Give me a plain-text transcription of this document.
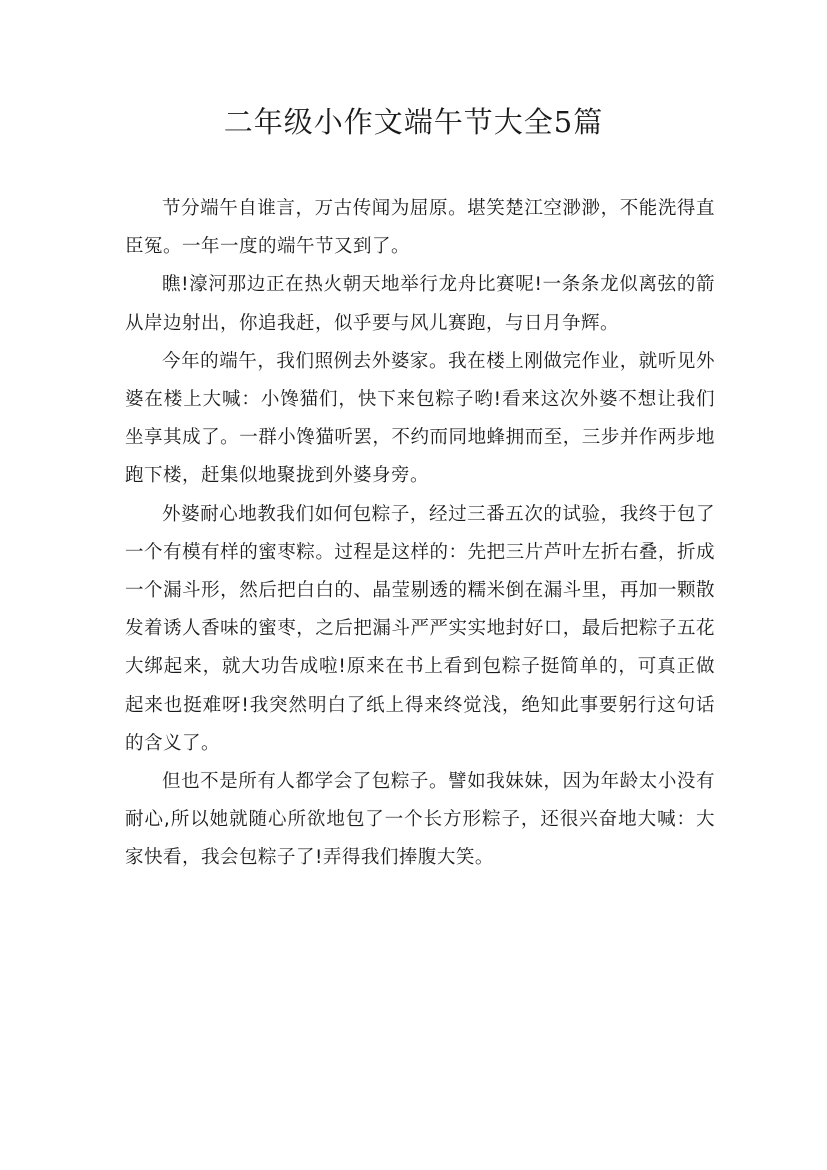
二年级小作文端午节大全5篇

节分端午自谁言，万古传闻为屈原。堪笑楚江空渺渺，不能洗得直臣冤。一年一度的端午节又到了。

瞧!濠河那边正在热火朝天地举行龙舟比赛呢!一条条龙似离弦的箭从岸边射出，你追我赶，似乎要与风儿赛跑，与日月争辉。

今年的端午，我们照例去外婆家。我在楼上刚做完作业，就听见外婆在楼上大喊：小馋猫们，快下来包粽子哟!看来这次外婆不想让我们坐享其成了。一群小馋猫听罢，不约而同地蜂拥而至，三步并作两步地跑下楼，赶集似地聚拢到外婆身旁。

外婆耐心地教我们如何包粽子，经过三番五次的试验，我终于包了一个有模有样的蜜枣粽。过程是这样的：先把三片芦叶左折右叠，折成一个漏斗形，然后把白白的、晶莹剔透的糯米倒在漏斗里，再加一颗散发着诱人香味的蜜枣，之后把漏斗严严实实地封好口，最后把粽子五花大绑起来，就大功告成啦!原来在书上看到包粽子挺简单的，可真正做起来也挺难呀!我突然明白了纸上得来终觉浅，绝知此事要躬行这句话的含义了。

但也不是所有人都学会了包粽子。譬如我妹妹，因为年龄太小没有耐心,所以她就随心所欲地包了一个长方形粽子，还很兴奋地大喊：大家快看，我会包粽子了!弄得我们捧腹大笑。
